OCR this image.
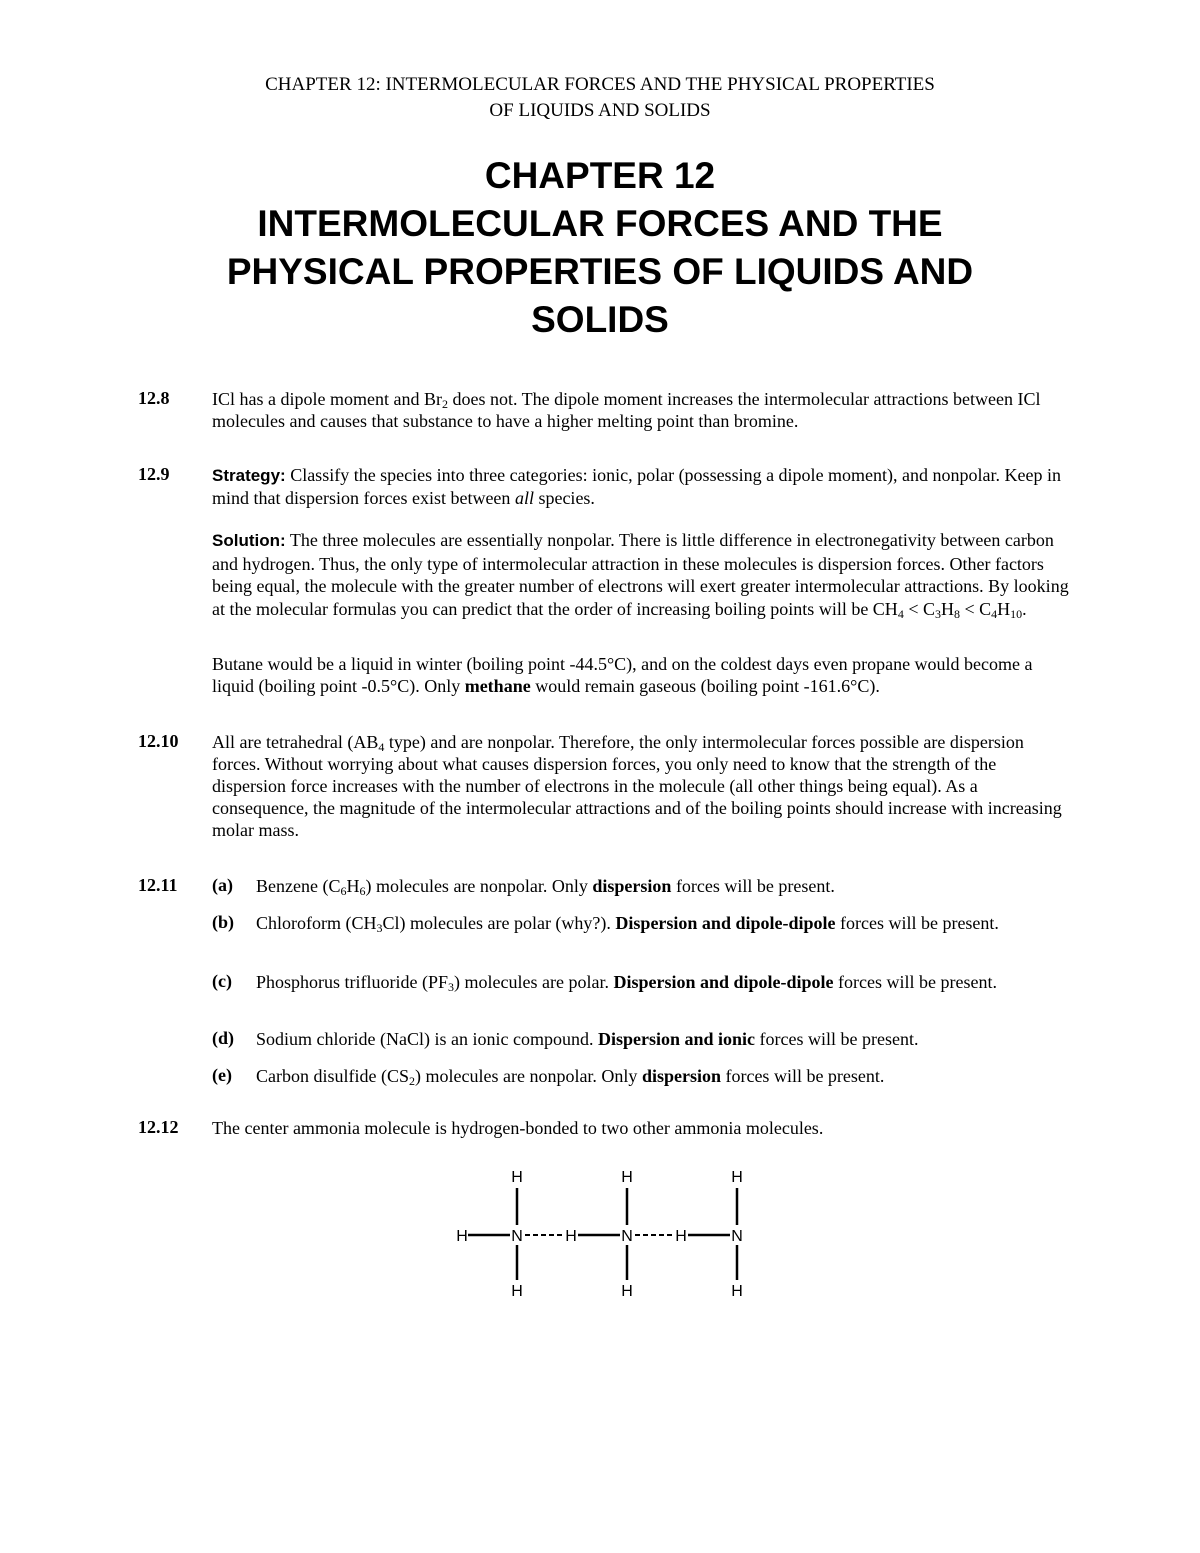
CHAPTER 12: INTERMOLECULAR FORCES AND THE PHYSICAL PROPERTIES
OF LIQUIDS AND SOLIDS
CHAPTER 12
INTERMOLECULAR FORCES AND THE
PHYSICAL PROPERTIES OF LIQUIDS AND
SOLIDS
12.8 ICl has a dipole moment and $Br_2$ does not. The dipole moment increases the intermolecular attractions between ICl molecules and causes that substance to have a higher melting point than bromine.
12.9	Strategy: Classify the species into three categories: ionic, polar (possessing a dipole moment), and nonpolar. Keep in mind that dispersion forces exist between all species.
Solution: The three molecules are essentially nonpolar. There is little difference in electronegativity between carbon and hydrogen. Thus, the only type of intermolecular attraction in these molecules is dispersion forces. Other factors being equal, the molecule with the greater number of electrons will exert greater intermolecular attractions. By looking at the molecular formulas you can predict that the order of increasing boiling points will be $CH_4 < C_3H_8 < C_4H_{10}$.
Butane would be a liquid in winter (boiling point -44.5°C), and on the coldest days even propane would become a liquid (boiling point -0.5°C). Only methane would remain gaseous (boiling point -161.6°C).
12.10 All are tetrahedral ($AB_4$ type) and are nonpolar. Therefore, the only intermolecular forces possible are dispersion forces. Without worrying about what causes dispersion forces, you only need to know that the strength of the dispersion force increases with the number of electrons in the molecule (all other things being equal). As a consequence, the magnitude of the intermolecular attractions and of the boiling points should increase with increasing molar mass.
12.11 (a) Benzene $(C_6H_6)$ molecules are nonpolar. Only dispersion forces will be present.
(b) Chloroform $(CH_3Cl)$ molecules are polar (why?). Dispersion and dipole-dipole forces will be present.
(c) Phosphorus trifluoride $(PF_3)$ molecules are polar. Dispersion and dipole-dipole forces will be present.
(d) Sodium chloride (NaCl) is an ionic compound. Dispersion and ionic forces will be present.
(e) Carbon disulfide $(CS_2)$ molecules are nonpolar. Only dispersion forces will be present.
12.12 The center ammonia molecule is hydrogen-bonded to two other ammonia molecules.
H
H	N
H
H
H
N
H
H
H
N
H
